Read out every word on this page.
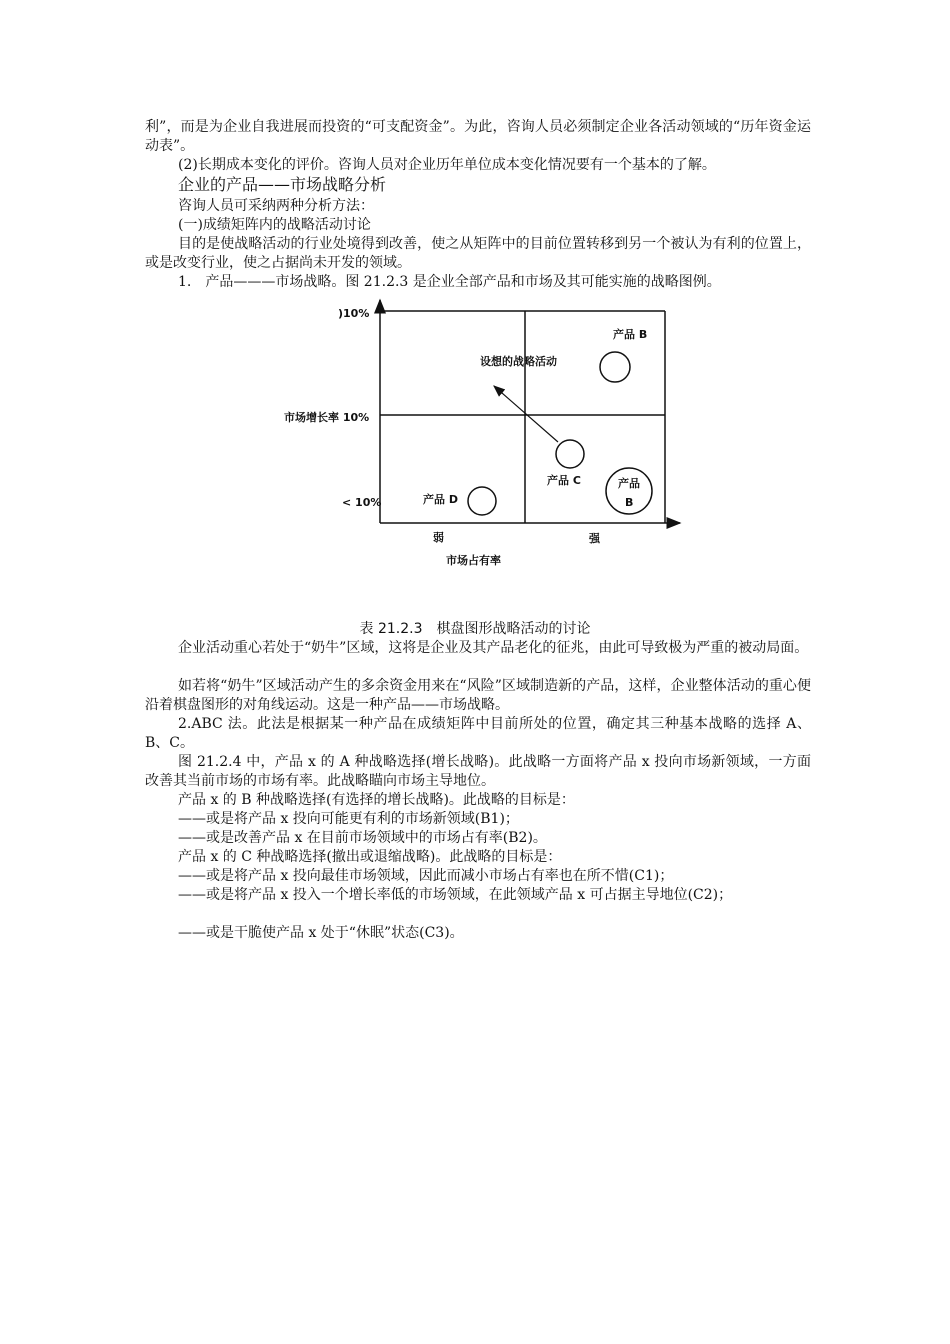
利”，而是为企业自我进展而投资的“可支配资金”。为此，咨询人员必须制定企业各活动领域的“历年资金运动表”。

(2)长期成本变化的评价。咨询人员对企业历年单位成本变化情况要有一个基本的了解。

企业的产品——市场战略分析

咨询人员可采纳两种分析方法：

(一)成绩矩阵内的战略活动讨论

目的是使战略活动的行业处境得到改善，使之从矩阵中的目前位置转移到另一个被认为有利的位置上，或是改变行业，使之占据尚未开发的领域。

1.　产品———市场战略。图 21.2.3 是企业全部产品和市场及其可能实施的战略图例。

)10%
市场增长率 10%
< 10%
弱	强
市场占有率
设想的战略活动
产品 B
产品 C	产品
B
产品 D
表 21.2.3　棋盘图形战略活动的讨论

企业活动重心若处于“奶牛”区域，这将是企业及其产品老化的征兆，由此可导致极为严重的被动局面。

如若将“奶牛”区域活动产生的多余资金用来在“风险”区域制造新的产品，这样，企业整体活动的重心便沿着棋盘图形的对角线运动。这是一种产品——市场战略。

2.ABC 法。此法是根据某一种产品在成绩矩阵中目前所处的位置，确定其三种基本战略的选择 A、B、C。

图 21.2.4 中，产品 x 的 A 种战略选择(增长战略)。此战略一方面将产品 x 投向市场新领域，一方面改善其当前市场的市场有率。此战略瞄向市场主导地位。

产品 x 的 B 种战略选择(有选择的增长战略)。此战略的目标是：

——或是将产品 x 投向可能更有利的市场新领域(B1)；

——或是改善产品 x 在目前市场领域中的市场占有率(B2)。

产品 x 的 C 种战略选择(撤出或退缩战略)。此战略的目标是：

——或是将产品 x 投向最佳市场领域，因此而减小市场占有率也在所不惜(C1)；

——或是将产品 x 投入一个增长率低的市场领域，在此领域产品 x 可占据主导地位(C2)；

——或是干脆使产品 x 处于“休眠”状态(C3)。
